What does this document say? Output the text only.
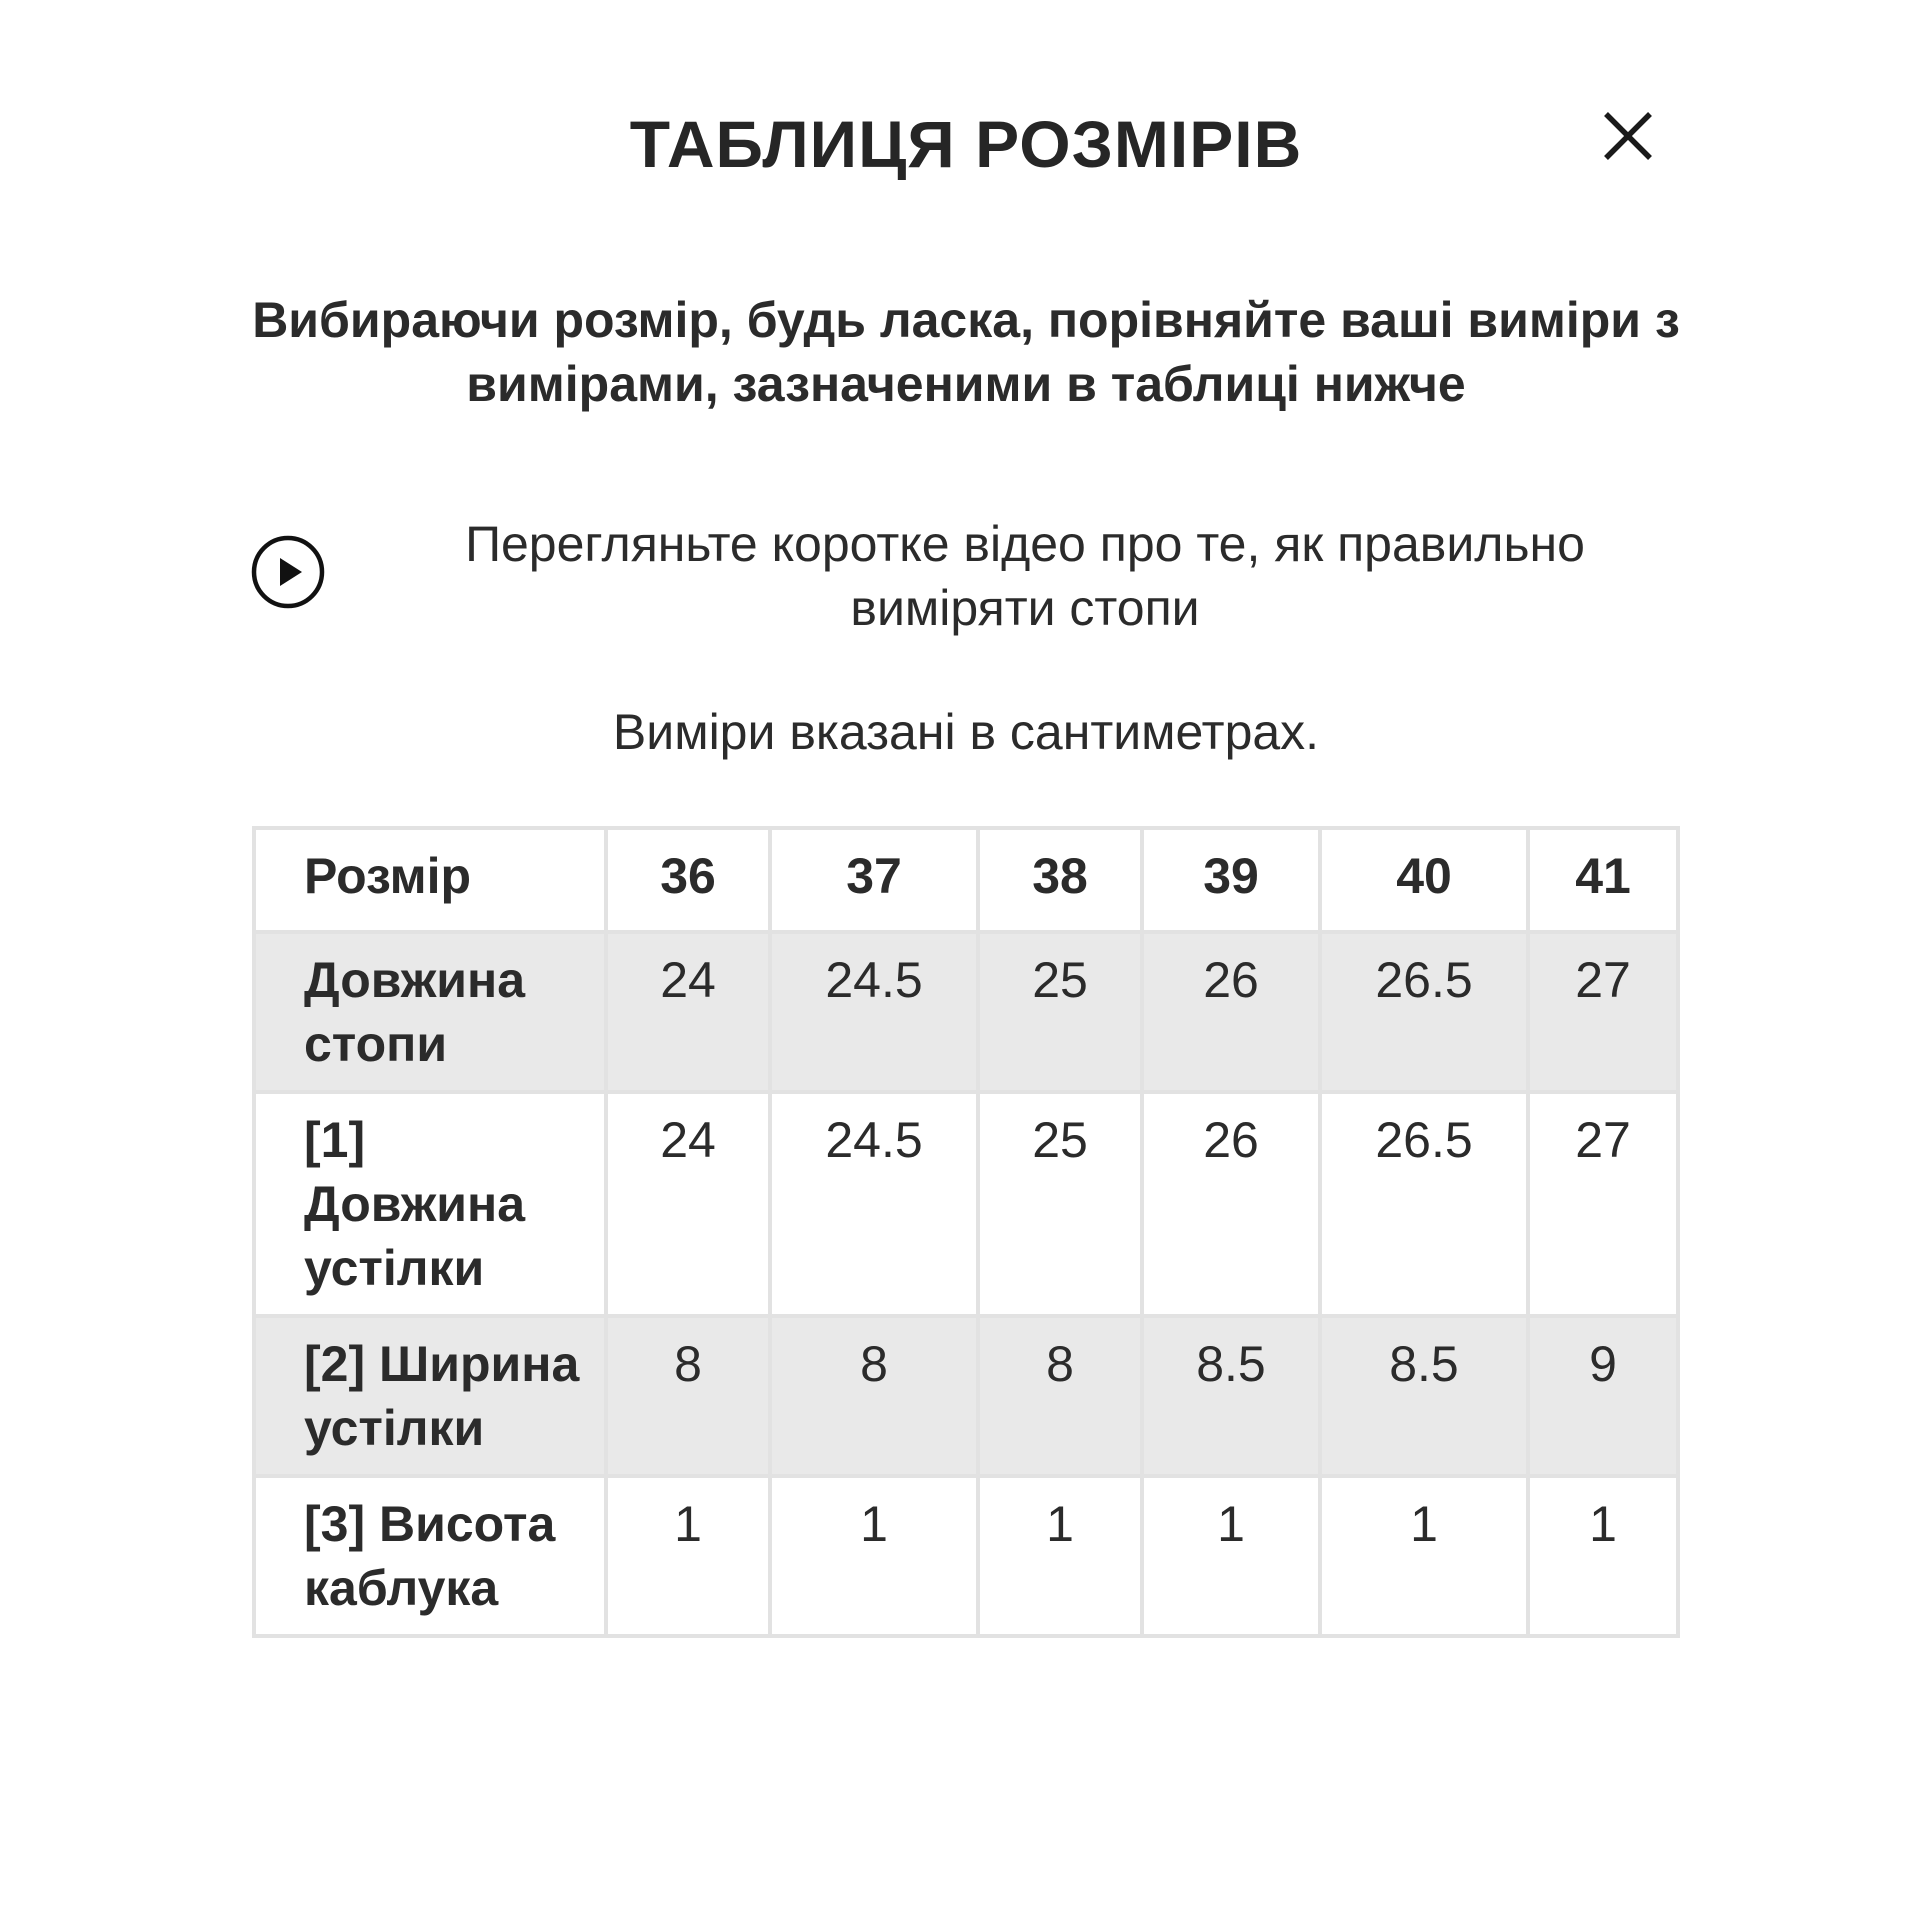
ТАБЛИЦЯ РОЗМІРІВ

Вибираючи розмір, будь ласка, порівняйте ваші виміри з вимірами, зазначеними в таблиці нижче

Перегляньте коротке відео про те, як правильно виміряти стопи

Виміри вказані в сантиметрах.

Розмір	36	37	38	39	40	41
Довжина стопи	24	24.5	25	26	26.5	27
[1] Довжина устілки	24	24.5	25	26	26.5	27
[2] Ширина устілки	8	8	8	8.5	8.5	9
[3] Висота каблука	1	1	1	1	1	1
